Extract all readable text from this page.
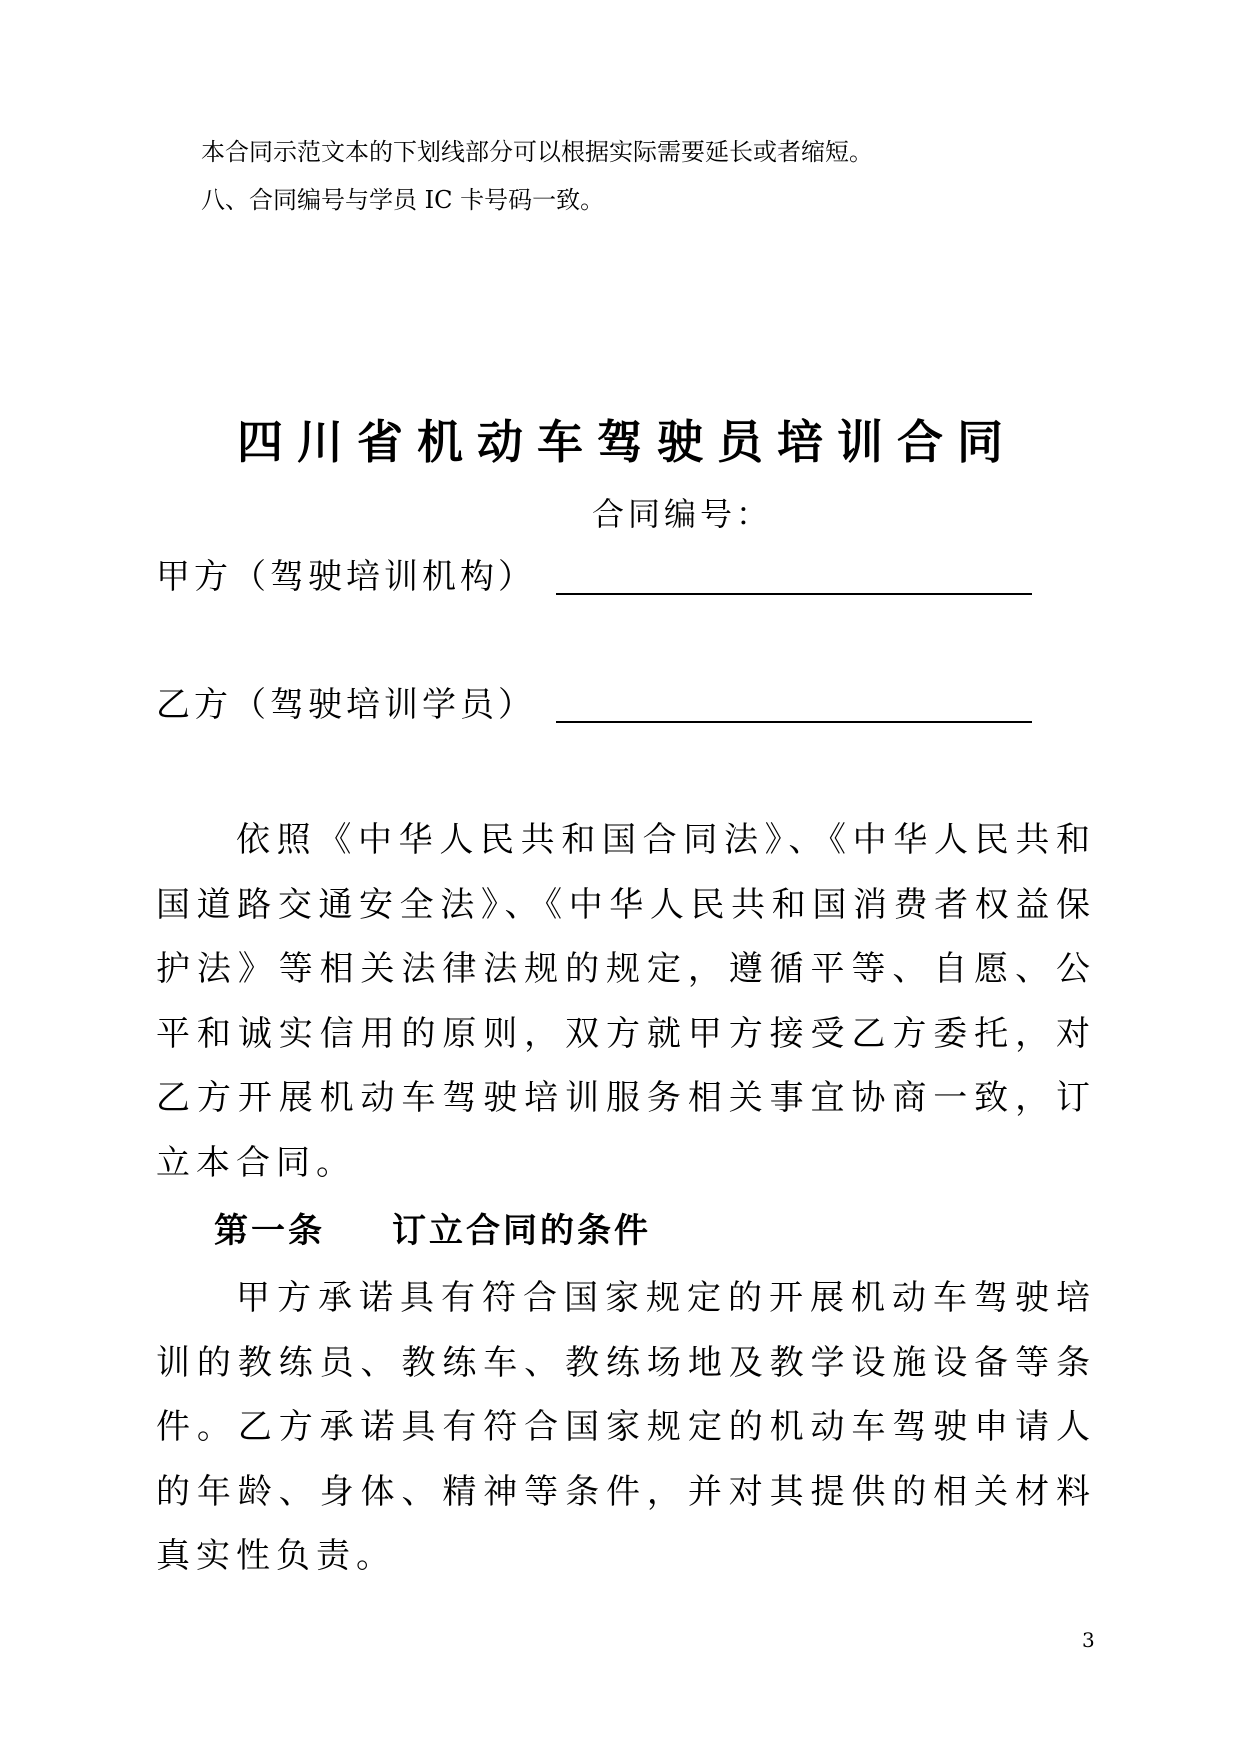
本合同示范文本的下划线部分可以根据实际需要延长或者缩短。

八、合同编号与学员 IC 卡号码一致。

四川省机动车驾驶员培训合同
合同编号：
甲方（驾驶培训机构）
乙方（驾驶培训学员）

依照《中华人民共和国合同法》、《中华人民共和国道路交通安全法》、《中华人民共和国消费者权益保护法》等相关法律法规的规定，遵循平等、自愿、公平和诚实信用的原则，双方就甲方接受乙方委托，对乙方开展机动车驾驶培训服务相关事宜协商一致，订立本合同。

第一条 订立合同的条件

甲方承诺具有符合国家规定的开展机动车驾驶培训的教练员、教练车、教练场地及教学设施设备等条件。乙方承诺具有符合国家规定的机动车驾驶申请人的年龄、身体、精神等条件，并对其提供的相关材料真实性负责。

3
